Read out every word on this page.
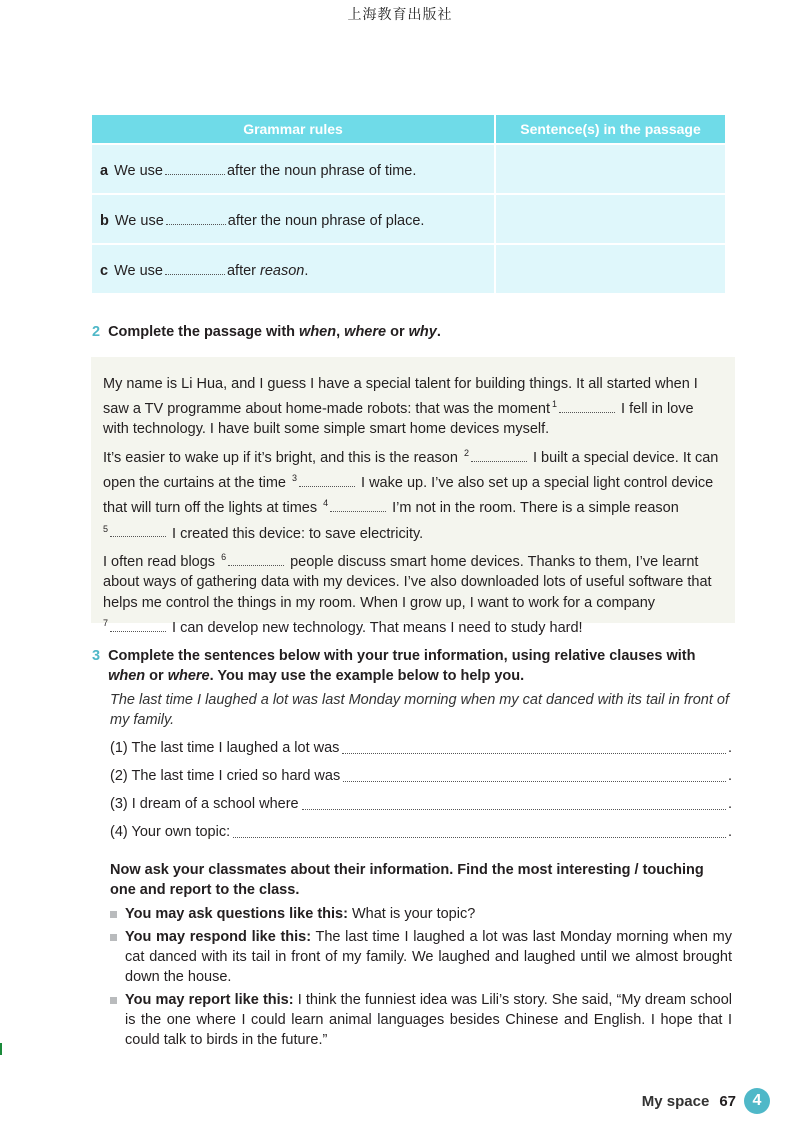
上海教育出版社
Grammar rules	Sentence(s) in the passage
a We use	after the noun phrase of time.
b We use	after the noun phrase of place.
c We use	after reason.
2 Complete the passage with when, where or why.

My name is Li Hua, and I guess I have a special talent for building things. It all started when I saw a TV programme about home-made robots: that was the moment $^1$	I fell in love with technology. I have built some simple smart home devices myself.

It’s easier to wake up if it’s bright, and this is the reason $^2$	I built a special device. It can open the curtains at the time $^3$	I wake up. I’ve also set up a special light control device that will turn off the lights at times $^4$	I’m not in the room. There is a simple reason
$^5$	I created this device: to save electricity.

I often read blogs $^6$	people discuss smart home devices. Thanks to them, I’ve learnt about ways of gathering data with my devices. I’ve also downloaded lots of useful software that helps me control the things in my room. When I grow up, I want to work for a company
$^7$	I can develop new technology. That means I need to study hard!

3 Complete the sentences below with your true information, using relative clauses with when or where. You may use the example below to help you.
The last time I laughed a lot was last Monday morning when my cat danced with its tail in front of my family.
(1) The last time I laughed a lot was	.
(2) The last time I cried so hard was	.
(3) I dream of a school where	.
(4) Your own topic:	.
Now ask your classmates about their information. Find the most interesting / touching one and report to the class.
You may ask questions like this: What is your topic?
You may respond like this: The last time I laughed a lot was last Monday morning when my cat danced with its tail in front of my family. We laughed and laughed until we almost brought down the house.
You may report like this: I think the funniest idea was Lili’s story. She said, “My dream school is the one where I could learn animal languages besides Chinese and English. I hope that I could talk to birds in the future.”
My space 67	4
